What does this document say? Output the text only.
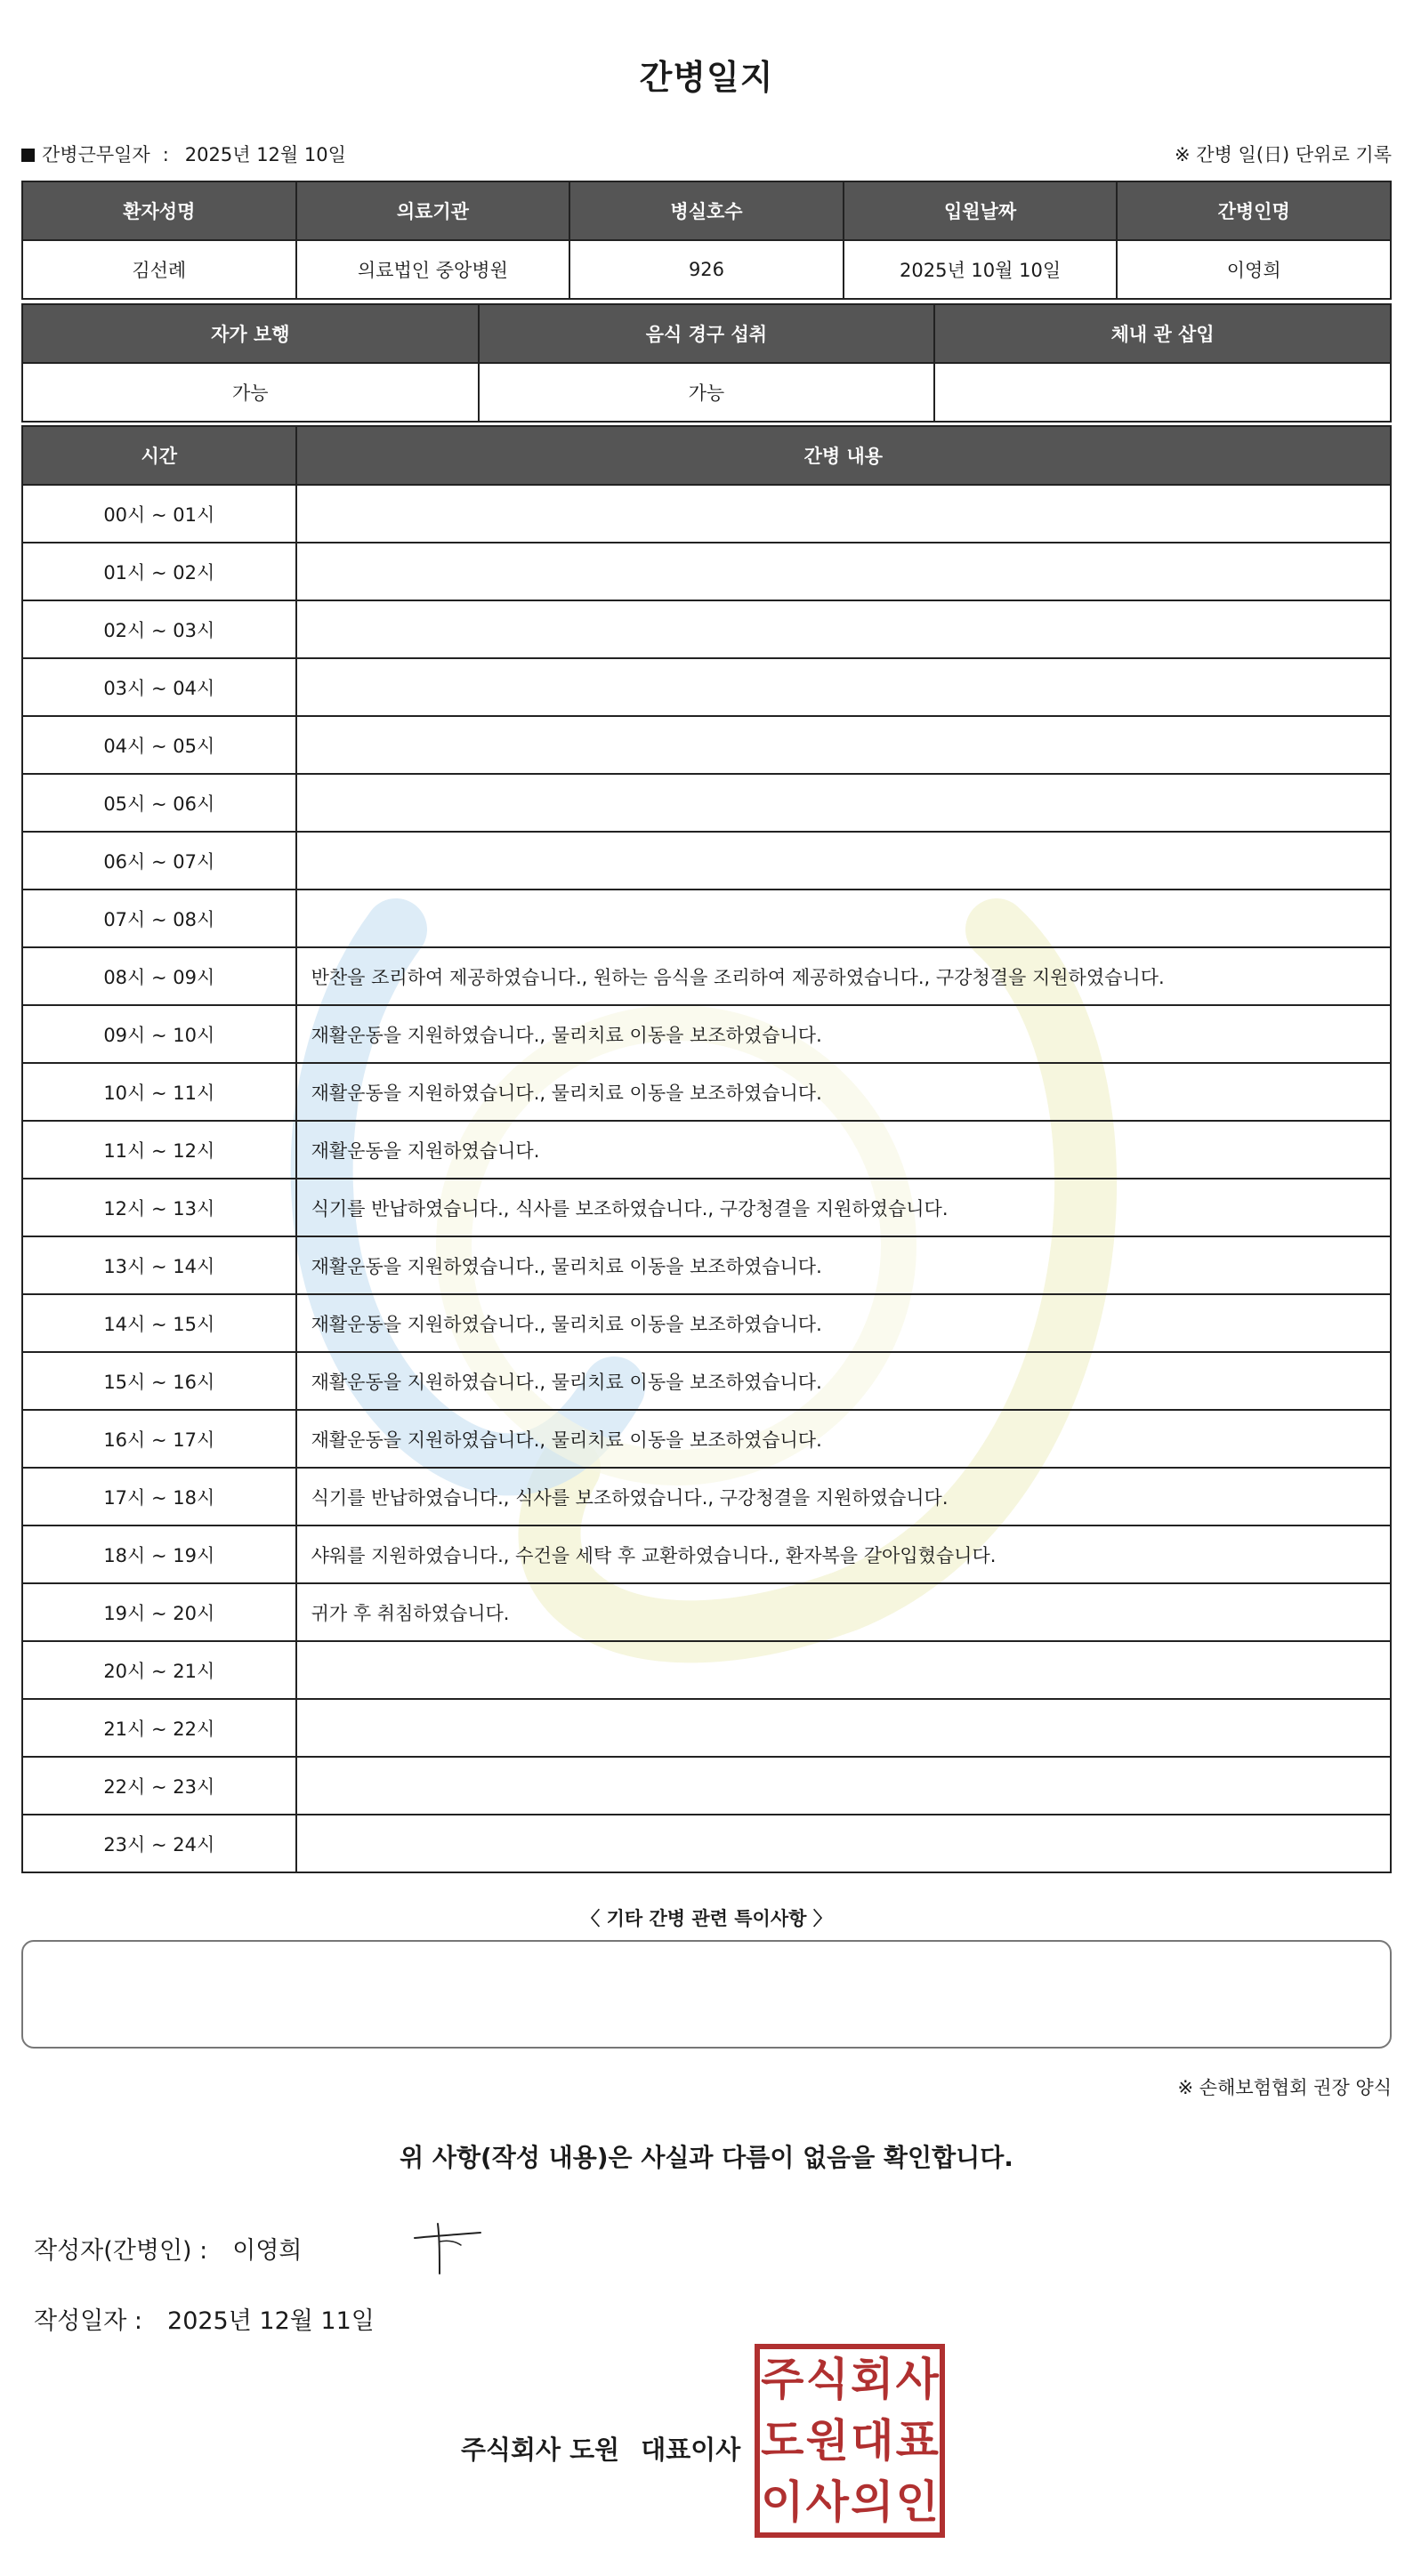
간병일지
간병근무일자 : 2025년 12월 10일	※ 간병 일(日) 단위로 기록
환자성명	의료기관	병실호수	입원날짜	간병인명
김선례	의료법인 중앙병원	926	2025년 10월 10일	이영희
자가 보행	음식 경구 섭취	체내 관 삽입
가능	가능	
시간	간병 내용
00시 ~ 01시	
01시 ~ 02시	
02시 ~ 03시	
03시 ~ 04시	
04시 ~ 05시	
05시 ~ 06시	
06시 ~ 07시	
07시 ~ 08시	
08시 ~ 09시	반찬을 조리하여 제공하였습니다., 원하는 음식을 조리하여 제공하였습니다., 구강청결을 지원하였습니다.
09시 ~ 10시	재활운동을 지원하였습니다., 물리치료 이동을 보조하였습니다.
10시 ~ 11시	재활운동을 지원하였습니다., 물리치료 이동을 보조하였습니다.
11시 ~ 12시	재활운동을 지원하였습니다.
12시 ~ 13시	식기를 반납하였습니다., 식사를 보조하였습니다., 구강청결을 지원하였습니다.
13시 ~ 14시	재활운동을 지원하였습니다., 물리치료 이동을 보조하였습니다.
14시 ~ 15시	재활운동을 지원하였습니다., 물리치료 이동을 보조하였습니다.
15시 ~ 16시	재활운동을 지원하였습니다., 물리치료 이동을 보조하였습니다.
16시 ~ 17시	재활운동을 지원하였습니다., 물리치료 이동을 보조하였습니다.
17시 ~ 18시	식기를 반납하였습니다., 식사를 보조하였습니다., 구강청결을 지원하였습니다.
18시 ~ 19시	샤워를 지원하였습니다., 수건을 세탁 후 교환하였습니다., 환자복을 갈아입혔습니다.
19시 ~ 20시	귀가 후 취침하였습니다.
20시 ~ 21시	
21시 ~ 22시	
22시 ~ 23시	
23시 ~ 24시	
〈 기타 간병 관련 특이사항 〉
※ 손해보험협회 권장 양식
위 사항(작성 내용)은 사실과 다름이 없음을 확인합니다.
작성자(간병인) : 이영희
작성일자 : 2025년 12월 11일
주식회사 도원 대표이사
주 식 회 사
도 원 대 표
이 사 의 인
